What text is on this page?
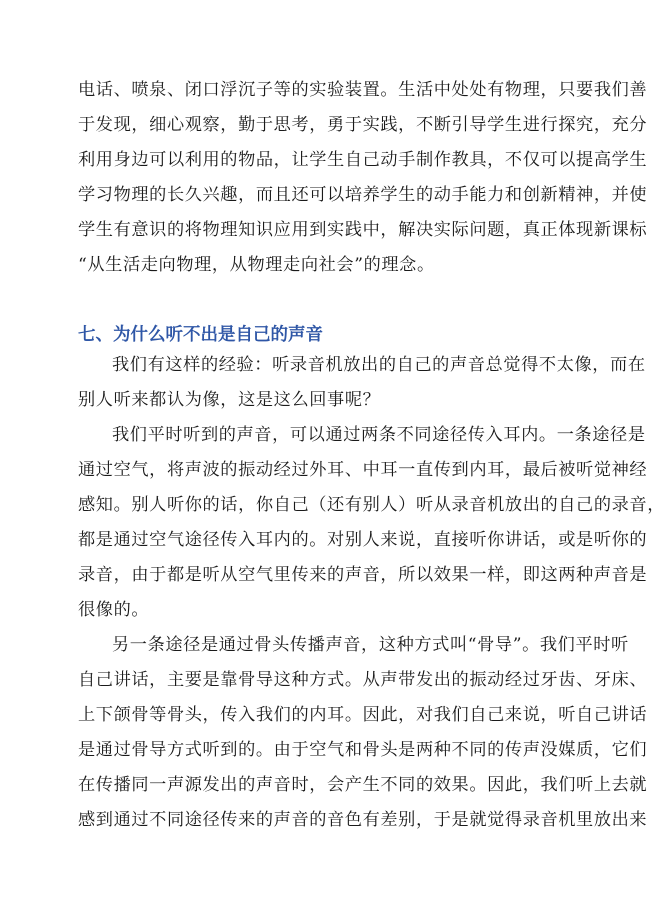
电话、喷泉、闭口浮沉子等的实验装置。生活中处处有物理，只要我们善
于发现，细心观察，勤于思考，勇于实践，不断引导学生进行探究，充分
利用身边可以利用的物品，让学生自己动手制作教具，不仅可以提高学生
学习物理的长久兴趣，而且还可以培养学生的动手能力和创新精神，并使
学生有意识的将物理知识应用到实践中，解决实际问题，真正体现新课标
“从生活走向物理，从物理走向社会”的理念。
七、为什么听不出是自己的声音
我们有这样的经验：听录音机放出的自己的声音总觉得不太像，而在
别人听来都认为像，这是这么回事呢？
我们平时听到的声音，可以通过两条不同途径传入耳内。一条途径是
通过空气，将声波的振动经过外耳、中耳一直传到内耳，最后被听觉神经
感知。别人听你的话，你自己（还有别人）听从录音机放出的自己的录音，
都是通过空气途径传入耳内的。对别人来说，直接听你讲话，或是听你的
录音，由于都是听从空气里传来的声音，所以效果一样，即这两种声音是
很像的。
另一条途径是通过骨头传播声音，这种方式叫“骨导”。我们平时听
自己讲话，主要是靠骨导这种方式。从声带发出的振动经过牙齿、牙床、
上下颌骨等骨头，传入我们的内耳。因此，对我们自己来说，听自己讲话
是通过骨导方式听到的。由于空气和骨头是两种不同的传声没媒质，它们
在传播同一声源发出的声音时，会产生不同的效果。因此，我们听上去就
感到通过不同途径传来的声音的音色有差别，于是就觉得录音机里放出来
